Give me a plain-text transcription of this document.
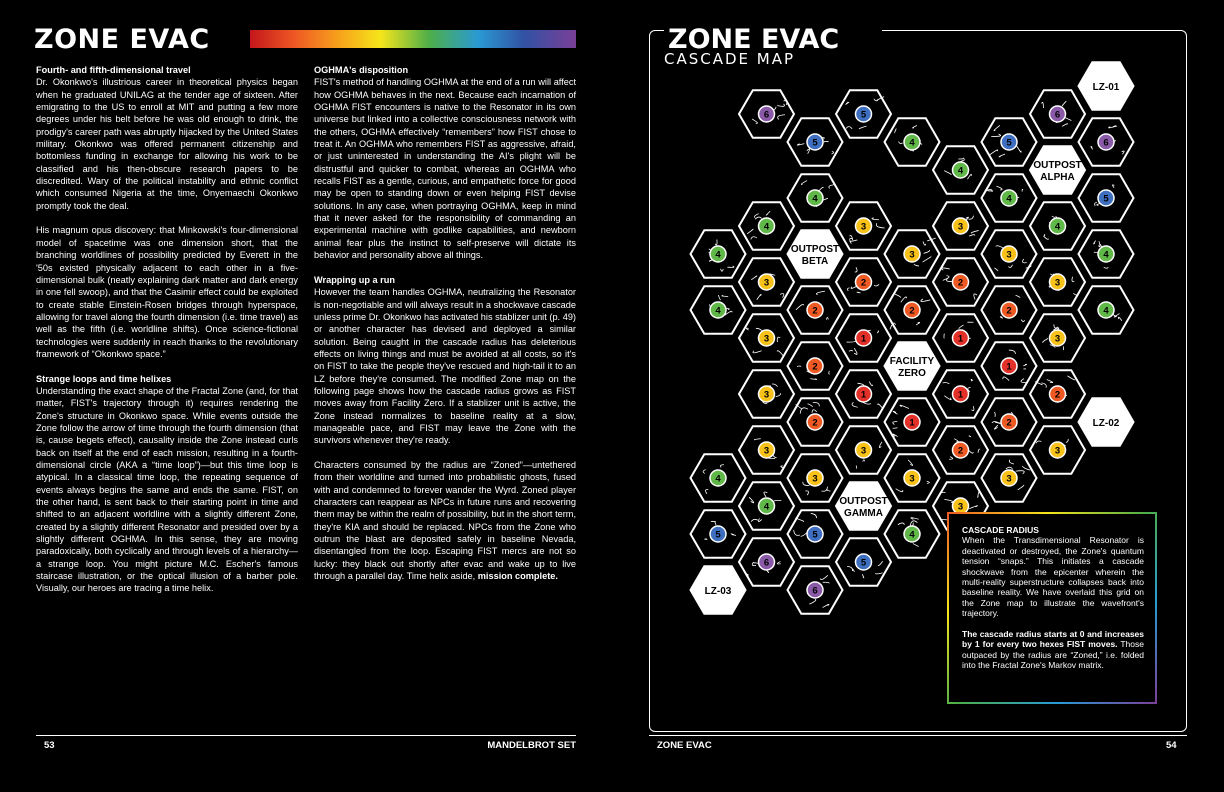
ZONE EVAC
Fourth- and fifth-dimensional travel

Dr. Okonkwo's illustrious career in theoretical physics began when he graduated UNILAG at the tender age of sixteen. After emigrating to the US to enroll at MIT and putting a few more degrees under his belt before he was old enough to drink, the prodigy's career path was abruptly hijacked by the United States military. Okonkwo was offered permanent citizenship and bottomless funding in exchange for allowing his work to be classified and his then-obscure research papers to be discredited. Wary of the political instability and ethnic conflict which consumed Nigeria at the time, Onyemaechi Okonkwo promptly took the deal.

His magnum opus discovery: that Minkowski's four-dimensional model of spacetime was one dimension short, that the branching worldlines of possibility predicted by Everett in the '50s existed physically adjacent to each other in a five-dimensional bulk (neatly explaining dark matter and dark energy in one fell swoop), and that the Casimir effect could be exploited to create stable Einstein-Rosen bridges through hyperspace, allowing for travel along the fourth dimension (i.e. time travel) as well as the fifth (i.e. worldline shifts). Once science-fictional technologies were suddenly in reach thanks to the revolutionary framework of “Okonkwo space.”

Strange loops and time helixes

Understanding the exact shape of the Fractal Zone (and, for that matter, FIST's trajectory through it) requires rendering the Zone's structure in Okonkwo space. While events outside the Zone follow the arrow of time through the fourth dimension (that is, cause begets effect), causality inside the Zone instead curls back on itself at the end of each mission, resulting in a fourth-dimensional circle (AKA a “time loop”)—but this time loop is atypical. In a classical time loop, the repeating sequence of events always begins the same and ends the same. FIST, on the other hand, is sent back to their starting point in time and shifted to an adjacent worldline with a slightly different Zone, created by a slightly different Resonator and presided over by a slightly different OGHMA. In this sense, they are moving paradoxically, both cyclically and through levels of a hierarchy—a strange loop. You might picture M.C. Escher's famous staircase illustration, or the optical illusion of a barber pole. Visually, our heroes are tracing a time helix.

OGHMA's disposition

FIST's method of handling OGHMA at the end of a run will affect how OGHMA behaves in the next. Because each incarnation of OGHMA FIST encounters is native to the Resonator in its own universe but linked into a collective consciousness network with the others, OGHMA effectively “remembers” how FIST chose to treat it. An OGHMA who remembers FIST as aggressive, afraid, or just uninterested in understanding the AI's plight will be distrustful and quicker to combat, whereas an OGHMA who recalls FIST as a gentle, curious, and empathetic force for good may be open to standing down or even helping FIST devise solutions. In any case, when portraying OGHMA, keep in mind that it never asked for the responsibility of commanding an experimental machine with godlike capabilities, and newborn animal fear plus the instinct to self-preserve will dictate its behavior and personality above all things.

Wrapping up a run

However the team handles OGHMA, neutralizing the Resonator is non-negotiable and will always result in a shockwave cascade unless prime Dr. Okonkwo has activated his stablizer unit (p. 49) or another character has devised and deployed a similar solution. Being caught in the cascade radius has deleterious effects on living things and must be avoided at all costs, so it's on FIST to take the people they've rescued and high-tail it to an LZ before they're consumed. The modified Zone map on the following page shows how the cascade radius grows as FIST moves away from Facility Zero. If a stablizer unit is active, the Zone instead normalizes to baseline reality at a slow, manageable pace, and FIST may leave the Zone with the survivors whenever they're ready.

Characters consumed by the radius are “Zoned”—untethered from their worldline and turned into probabilistic ghosts, fused with and condemned to forever wander the Wyrd. Zoned player characters can reappear as NPCs in future runs and recovering them may be within the realm of possibility, but in the short term, they're KIA and should be replaced. NPCs from the Zone who outrun the blast are deposited safely in baseline Nevada, disentangled from the loop. Escaping FIST mercs are not so lucky: they black out shortly after evac and wake up to live through a parallel day. Time helix aside, mission complete.

53	MANDELBROT SET
6	5
5	4
4
LZ-01
6
5	6
OUTPOST
ALPHA
4	5
4
3
4
4
4	3
4	OUTPOST
BETA
3
3	2
4	2	2
2
3
3
2	4
1	3
3	1
FACILITY
ZERO
1
2
3	1	1	2
LZ-02
2	1	2
3	3	2	3
4	3	3	3
4	OUTPOST
GAMMA
3
5	5	4
6	5
LZ-03	6
ZONE EVAC
CASCADE MAP
CASCADE RADIUS

When the Transdimensional Resonator is deactivated or destroyed, the Zone's quantum tension “snaps.” This initiates a cascade shockwave from the epicenter wherein the multi-reality superstructure collapses back into baseline reality. We have overlaid this grid on the Zone map to illustrate the wavefront's trajectory.

The cascade radius starts at 0 and increases by 1 for every two hexes FIST moves. Those outpaced by the radius are “Zoned,” i.e. folded into the Fractal Zone's Markov matrix.

ZONE EVAC	54
